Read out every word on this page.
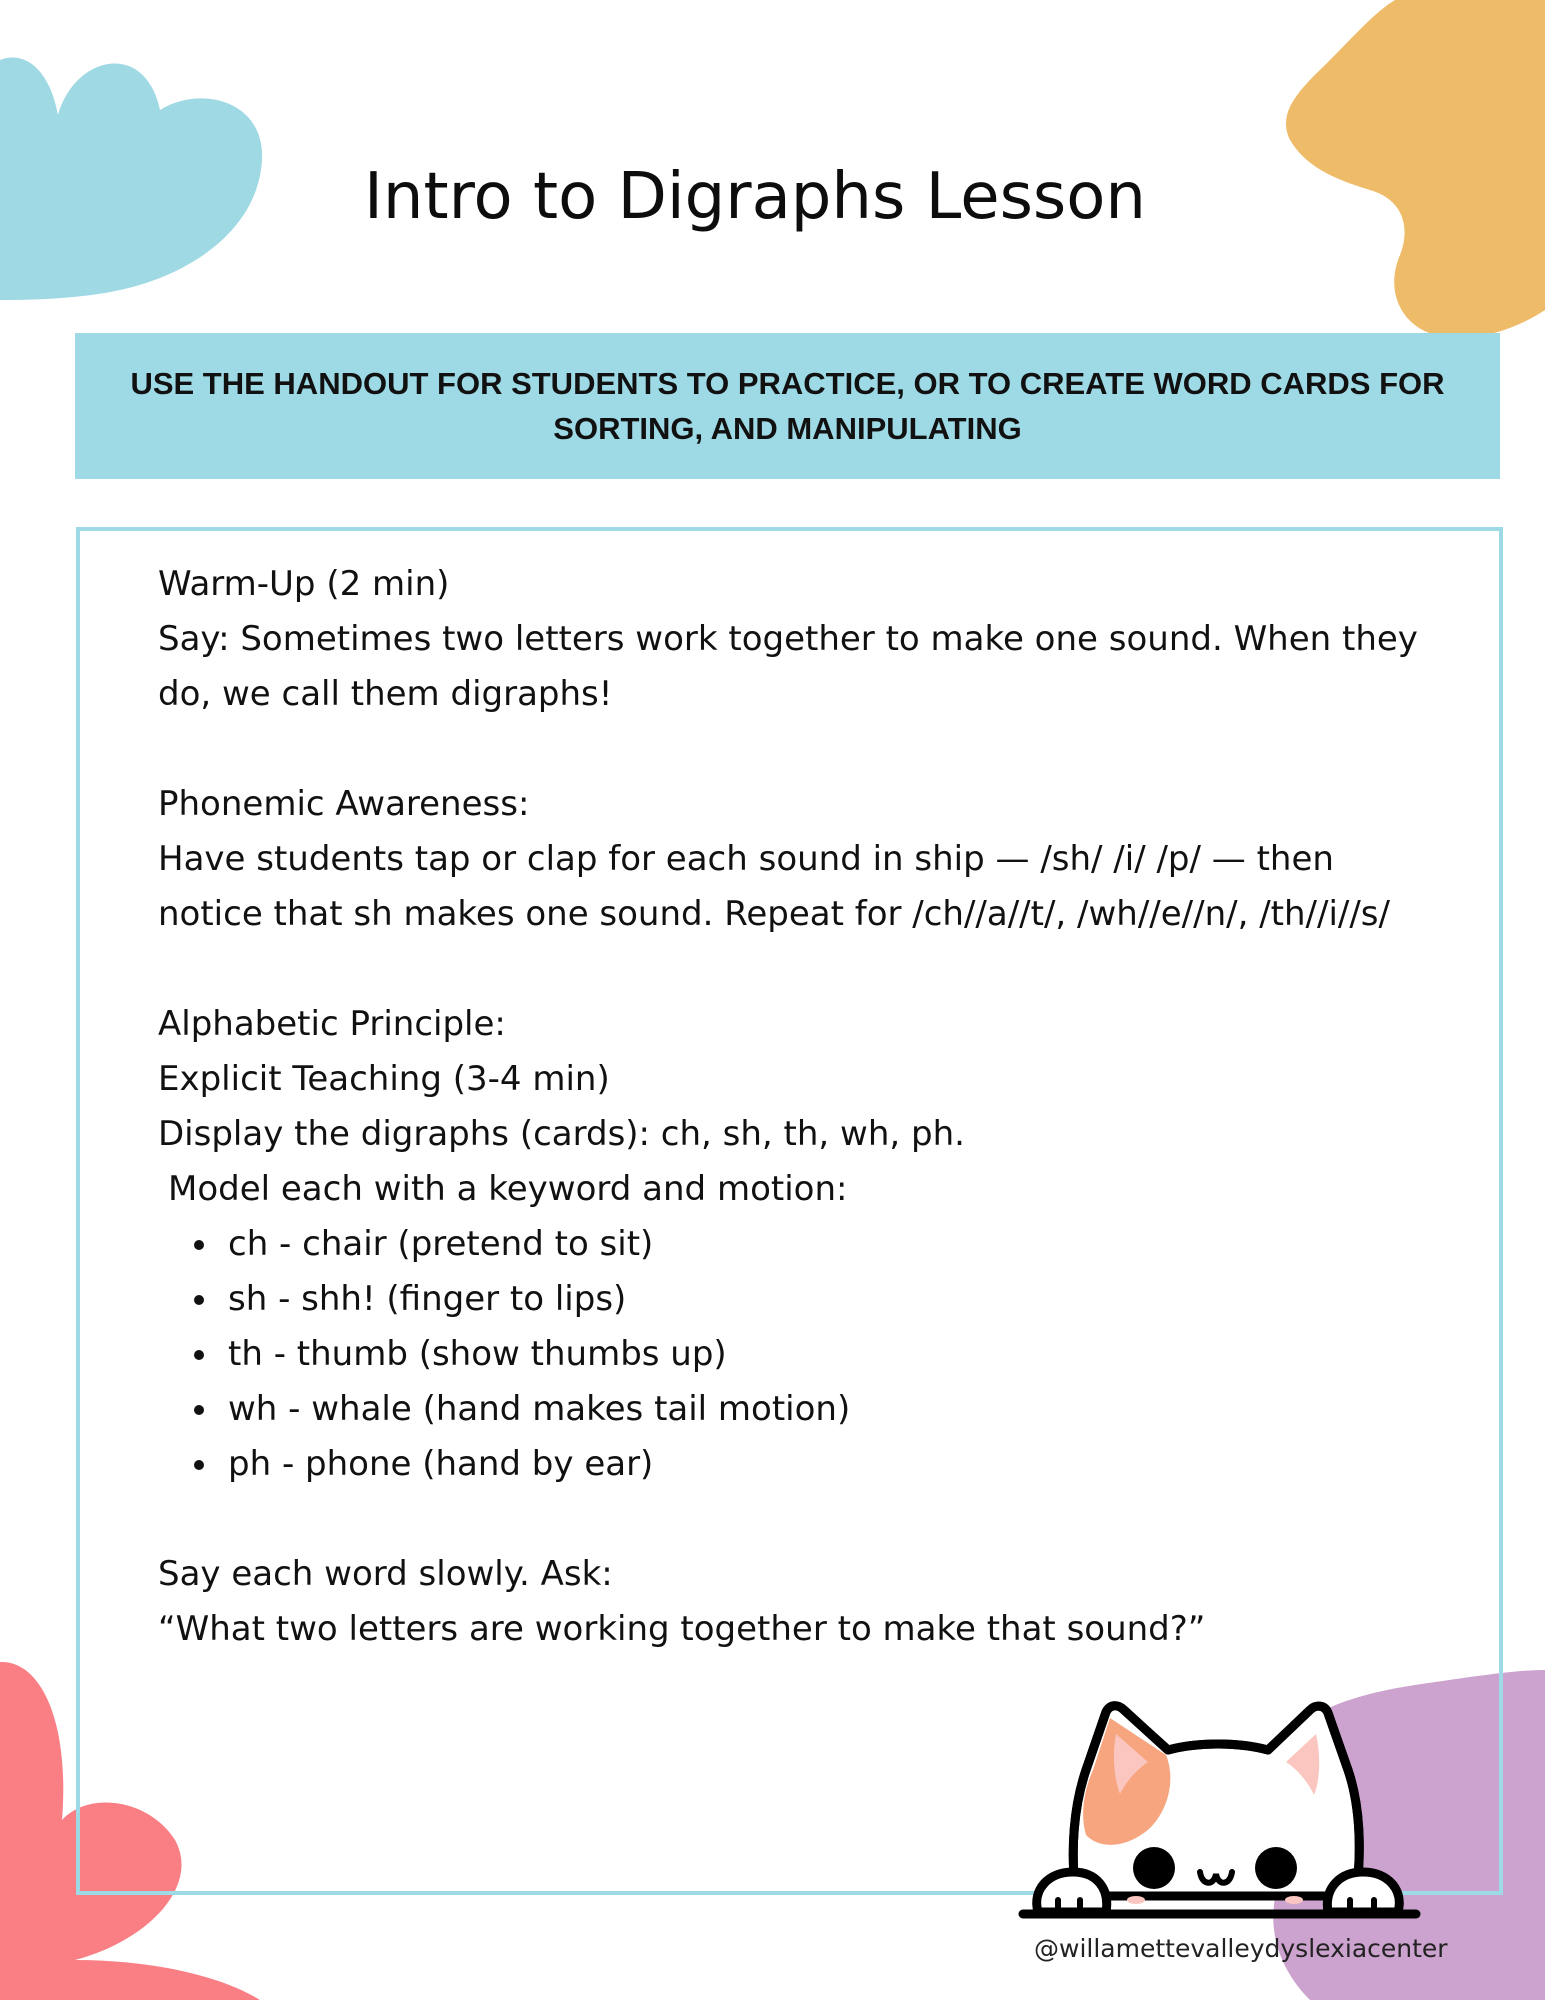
Intro to Digraphs Lesson

USE THE HANDOUT FOR STUDENTS TO PRACTICE, OR TO CREATE WORD CARDS FOR SORTING, AND MANIPULATING

Warm-Up (2 min)

Say: Sometimes two letters work together to make one sound. When they do, we call them digraphs!

Phonemic Awareness:

Have students tap or clap for each sound in ship — /sh/ /i/ /p/ — then notice that sh makes one sound. Repeat for /ch//a//t/, /wh//e//n/, /th//i//s/

Alphabetic Principle:

Explicit Teaching (3-4 min)

Display the digraphs (cards): ch, sh, th, wh, ph.

Model each with a keyword and motion:

ch - chair (pretend to sit)
sh - shh! (finger to lips)
th - thumb (show thumbs up)
wh - whale (hand makes tail motion)
ph - phone (hand by ear)

Say each word slowly. Ask:

“What two letters are working together to make that sound?”

@willamettevalleydyslexiacenter
